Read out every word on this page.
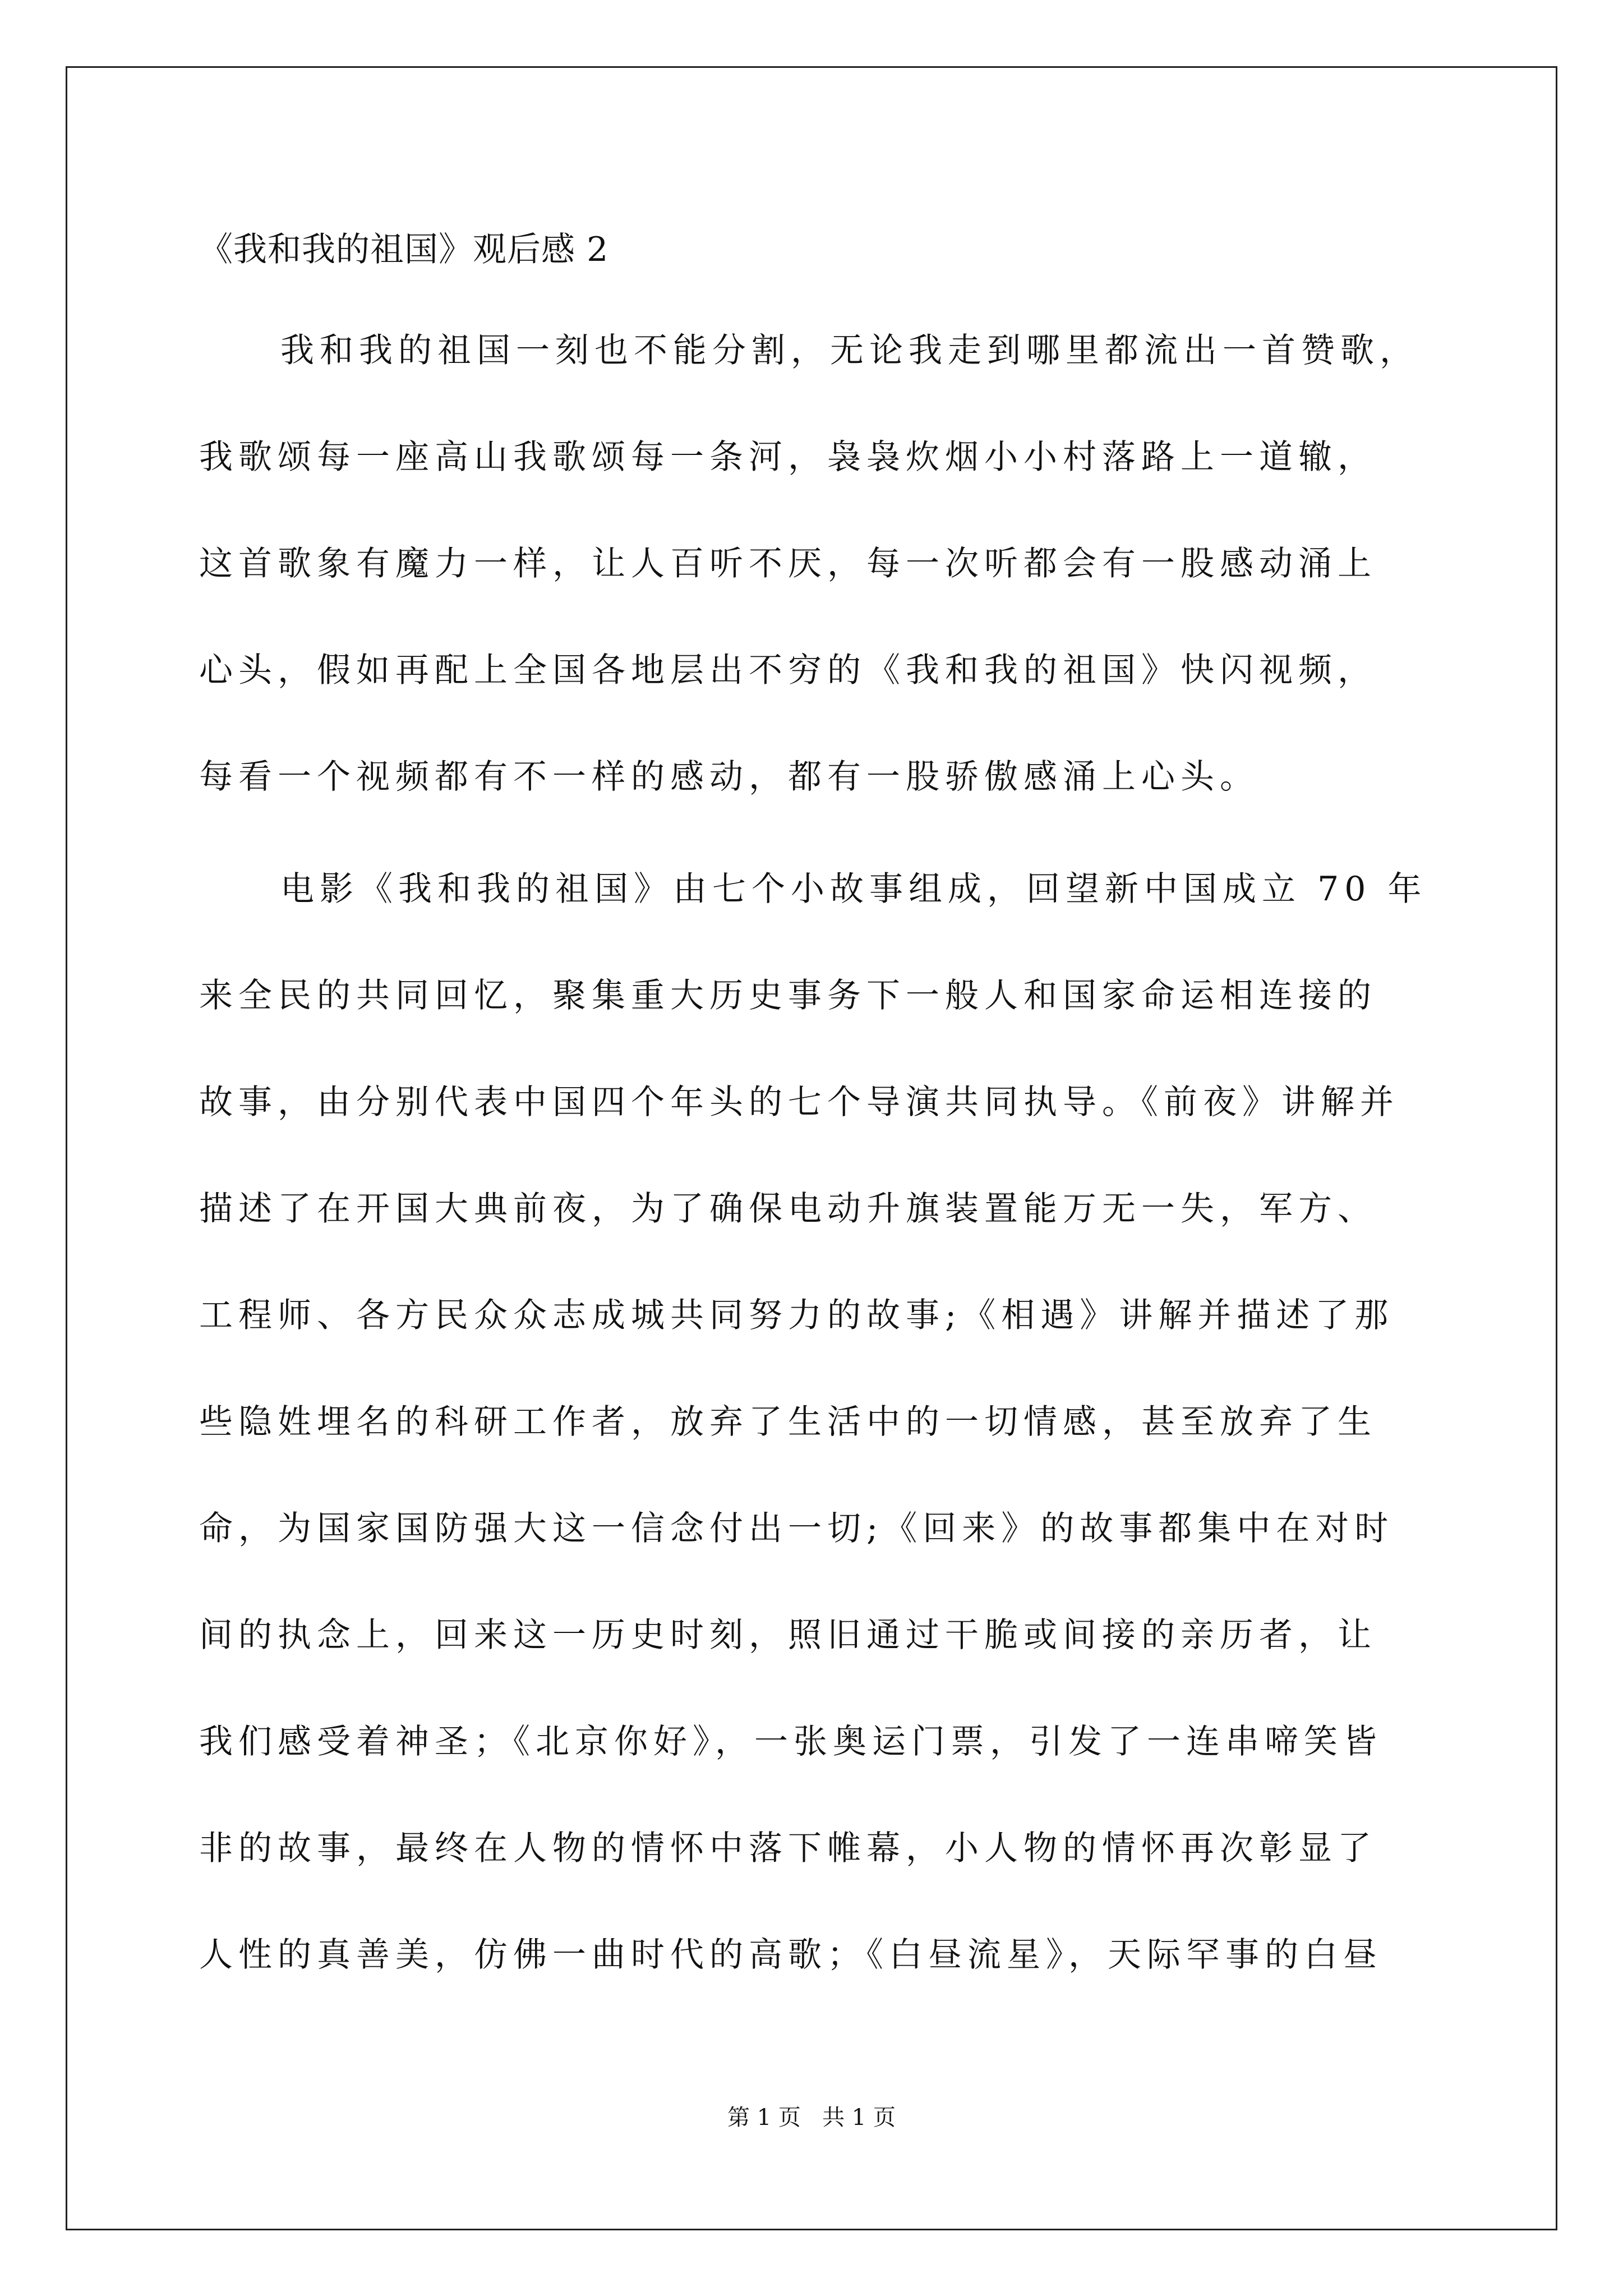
《我和我的祖国》观后感 2
我和我的祖国一刻也不能分割，无论我走到哪里都流出一首赞歌，
我歌颂每一座高山我歌颂每一条河，袅袅炊烟小小村落路上一道辙，
这首歌象有魔力一样，让人百听不厌，每一次听都会有一股感动涌上
心头，假如再配上全国各地层出不穷的《我和我的祖国》快闪视频，
每看一个视频都有不一样的感动，都有一股骄傲感涌上心头。
电影《我和我的祖国》由七个小故事组成，回望新中国成立 70 年
来全民的共同回忆，聚集重大历史事务下一般人和国家命运相连接的
故事，由分别代表中国四个年头的七个导演共同执导。《前夜》讲解并
描述了在开国大典前夜，为了确保电动升旗装置能万无一失，军方、
工程师、各方民众众志成城共同努力的故事;《相遇》讲解并描述了那
些隐姓埋名的科研工作者，放弃了生活中的一切情感，甚至放弃了生
命，为国家国防强大这一信念付出一切;《回来》的故事都集中在对时
间的执念上，回来这一历史时刻，照旧通过干脆或间接的亲历者，让
我们感受着神圣；《北京你好》，一张奥运门票，引发了一连串啼笑皆
非的故事，最终在人物的情怀中落下帷幕，小人物的情怀再次彰显了
人性的真善美，仿佛一曲时代的高歌；《白昼流星》，天际罕事的白昼
第 1 页   共 1 页
